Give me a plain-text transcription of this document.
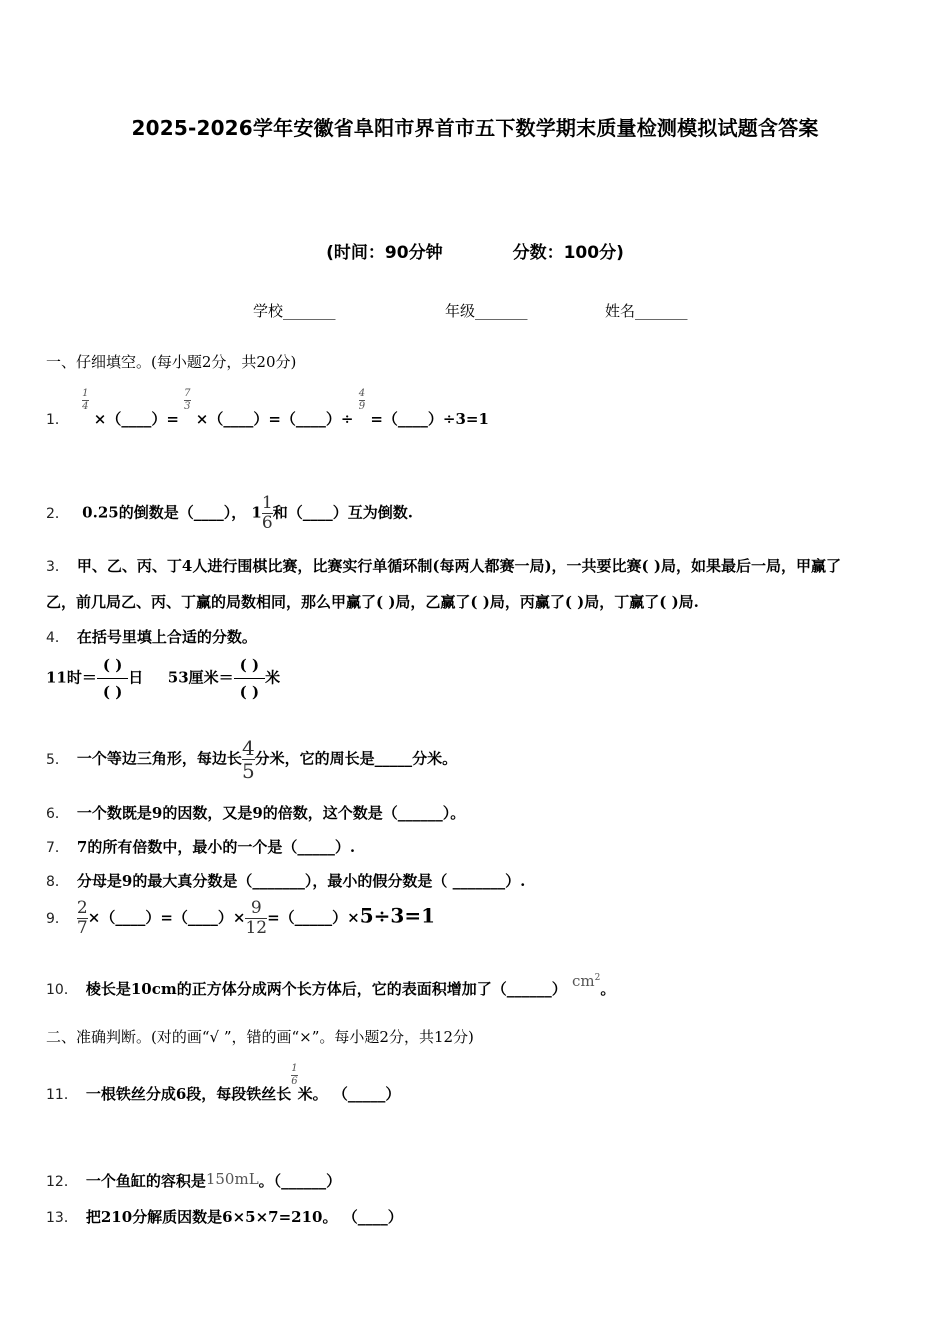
2025-2026学年安徽省阜阳市界首市五下数学期末质量检测模拟试题含答案
(时间：90分钟	分数：100分)
学校_______	年级_______	姓名_______
一、仔细填空。(每小题2分，共20分)
1．
$\frac{1}{4}$
×（____）=
$\frac{7}{3}$
×（____）=（____）÷
$\frac{4}{9}$
=（____）÷3=1
2． 0.25的倒数是（____）， $1 \frac{1}{6}$ 和（____）互为倒数.
3． 甲、乙、丙、丁4人进行围棋比赛，比赛实行单循环制(每两人都赛一局)，一共要比赛( )局，如果最后一局，甲赢了
乙，前几局乙、丙、丁赢的局数相同，那么甲赢了( )局，乙赢了( )局，丙赢了( )局，丁赢了( )局.
4． 在括号里填上合适的分数。
11时＝
( )
( )
日 53厘米＝
( )
( )
米
5． 一个等边三角形，每边长 $\frac{4}{5}$ 分米，它的周长是_____分米。
6． 一个数既是9的因数，又是9的倍数，这个数是（______）。
7． 7的所有倍数中，最小的一个是（_____）.
8． 分母是9的最大真分数是（_______），最小的假分数是（ _______）.
9． $\frac{2}{7}$ ×（____）=（____）× $\frac{9}{12}$ =（_____）×5÷3=1
10． 棱长是10cm的正方体分成两个长方体后，它的表面积增加了（______） $cm^2$。
二、准确判断。(对的画“√ ”，错的画“×”。每小题2分，共12分)
11． 一根铁丝分成6段，每段铁丝长
$\frac{1}{6}$
米。 （_____）
12． 一个鱼缸的容积是150mL。（______）
13． 把210分解质因数是6×5×7=210。 （____）
